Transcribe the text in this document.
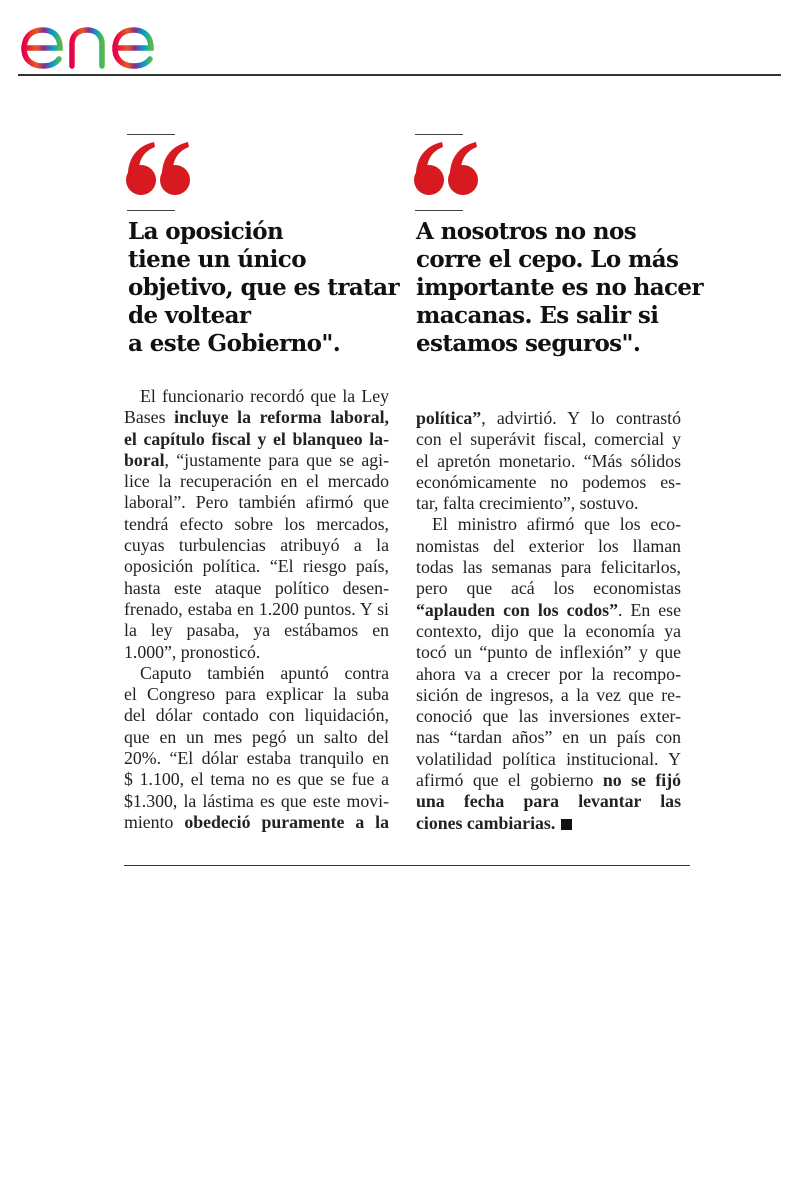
La oposición
tiene un único
objetivo, que es tratar
de voltear
a este Gobierno".
A nosotros no nos
corre el cepo. Lo más
importante es no hacer
macanas. Es salir si
estamos seguros".
El funcionario recordó que la Ley
Bases incluye la reforma laboral,
el capítulo fiscal y el blanqueo la-
boral, “justamente para que se agi-
lice la recuperación en el mercado
laboral”. Pero también afirmó que
tendrá efecto sobre los mercados,
cuyas turbulencias atribuyó a la
oposición política. “El riesgo país,
hasta este ataque político desen-
frenado, estaba en 1.200 puntos. Y si
la ley pasaba, ya estábamos en
1.000”, pronosticó.
Caputo también apuntó contra
el Congreso para explicar la suba
del dólar contado con liquidación,
que en un mes pegó un salto del
20%. “El dólar estaba tranquilo en
$ 1.100, el tema no es que se fue a
$1.300, la lástima es que este movi-
miento obedeció puramente a la
política”, advirtió. Y lo contrastó
con el superávit fiscal, comercial y
el apretón monetario. “Más sólidos
económicamente no podemos es-
tar, falta crecimiento”, sostuvo.
El ministro afirmó que los eco-
nomistas del exterior los llaman
todas las semanas para felicitarlos,
pero que acá los economistas
“aplauden con los codos”. En ese
contexto, dijo que la economía ya
tocó un “punto de inflexión” y que
ahora va a crecer por la recompo-
sición de ingresos, a la vez que re-
conoció que las inversiones exter-
nas “tardan años” en un país con
volatilidad política institucional. Y
afirmó que el gobierno no se fijó
una fecha para levantar las
ciones cambiarias.
